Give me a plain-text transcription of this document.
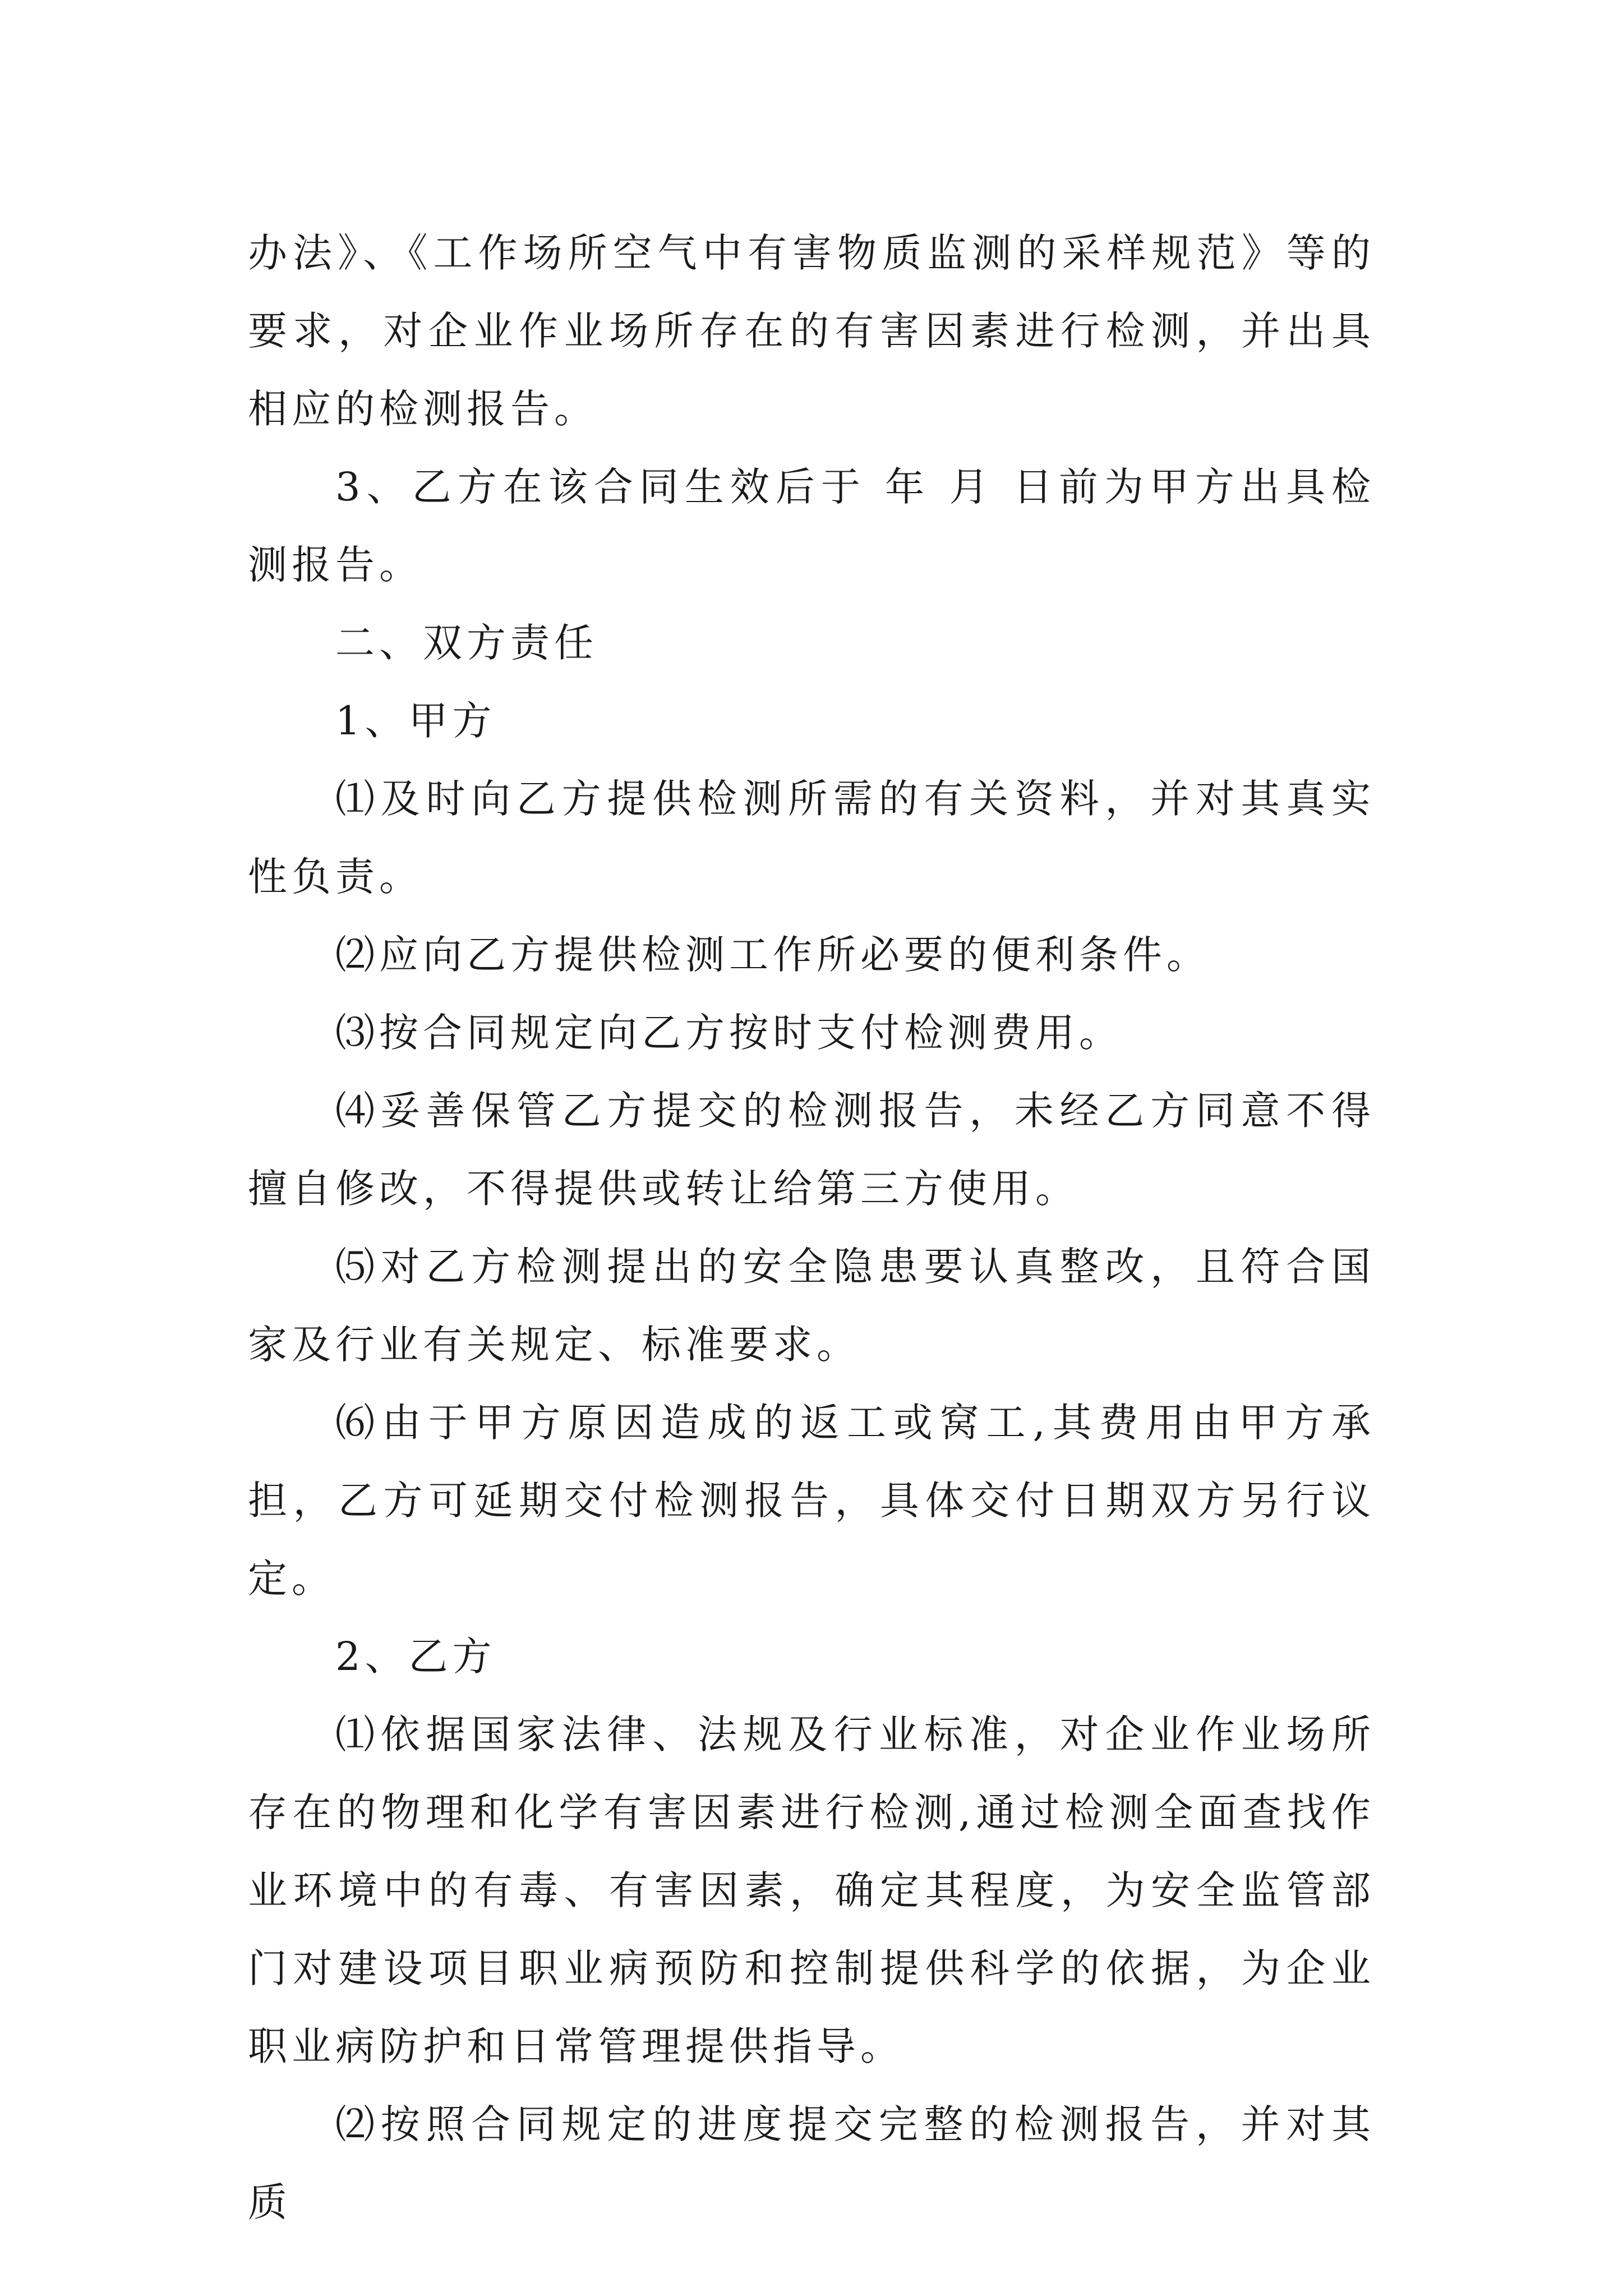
办法》、《工作场所空气中有害物质监测的采样规范》等的要求，对企业作业场所存在的有害因素进行检测，并出具相应的检测报告。

3、乙方在该合同生效后于 年 月 日前为甲方出具检测报告。

二、双方责任

1、甲方

⑴及时向乙方提供检测所需的有关资料，并对其真实性负责。

⑵应向乙方提供检测工作所必要的便利条件。

⑶按合同规定向乙方按时支付检测费用。

⑷妥善保管乙方提交的检测报告，未经乙方同意不得擅自修改，不得提供或转让给第三方使用。

⑸对乙方检测提出的安全隐患要认真整改，且符合国家及行业有关规定、标准要求。

⑹由于甲方原因造成的返工或窝工,其费用由甲方承担，乙方可延期交付检测报告，具体交付日期双方另行议定。

2、乙方

⑴依据国家法律、法规及行业标准，对企业作业场所存在的物理和化学有害因素进行检测,通过检测全面查找作业环境中的有毒、有害因素，确定其程度，为安全监管部门对建设项目职业病预防和控制提供科学的依据，为企业职业病防护和日常管理提供指导。

⑵按照合同规定的进度提交完整的检测报告，并对其质
